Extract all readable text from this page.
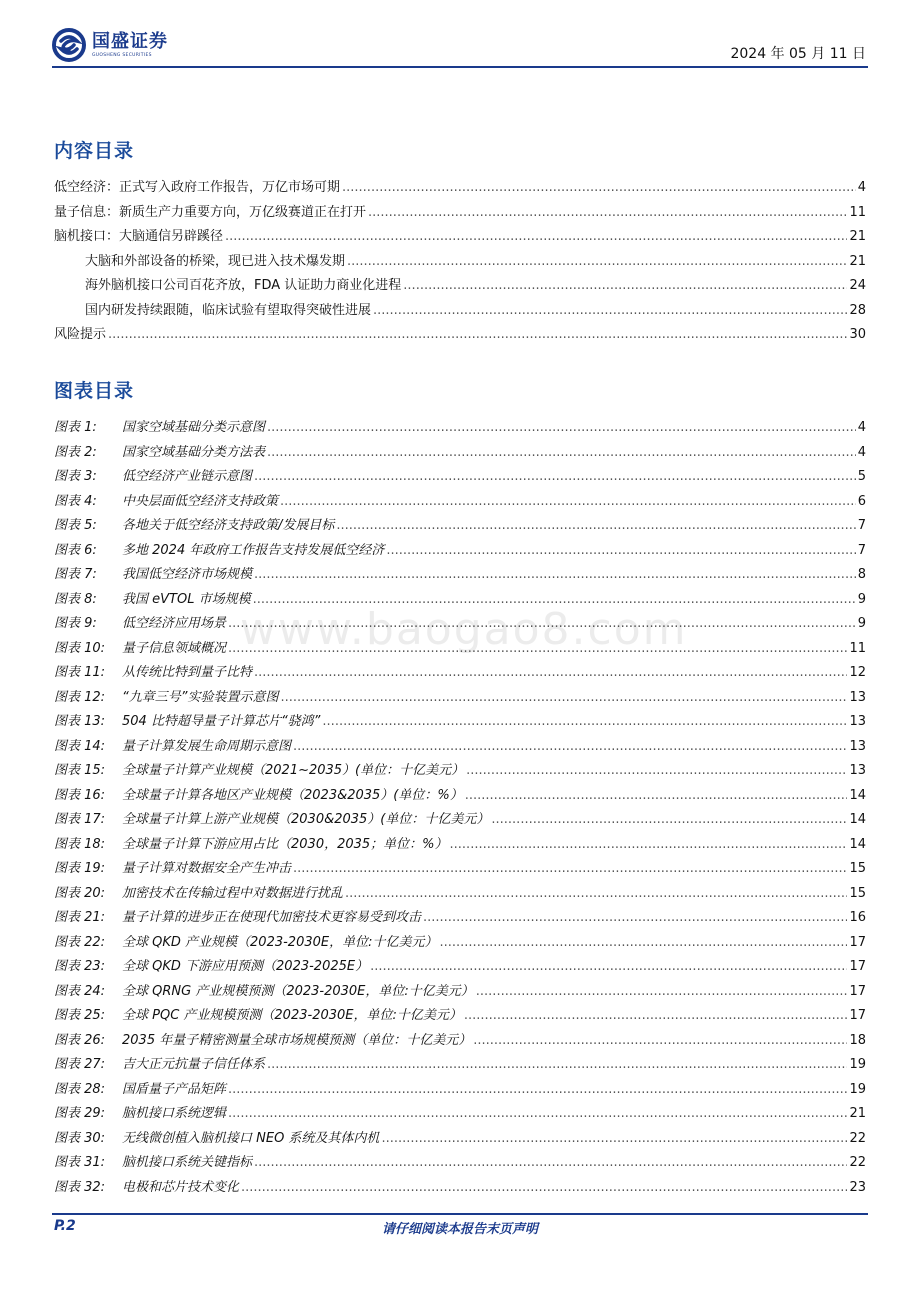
国盛证券
GUOSHENG SECURITIES	2024 年 05 月 11 日
内容目录
低空经济：正式写入政府工作报告，万亿市场可期 .....	4
量子信息：新质生产力重要方向，万亿级赛道正在打开 .....	11
脑机接口：大脑通信另辟蹊径 .....	21
大脑和外部设备的桥梁，现已进入技术爆发期 .....	21
海外脑机接口公司百花齐放，FDA 认证助力商业化进程 .....	24
国内研发持续跟随，临床试验有望取得突破性进展 .....	28
风险提示 .....	30
图表目录
www.baogao8.com
图表 1:	国家空域基础分类示意图 .....	4
图表 2:	国家空域基础分类方法表 .....	4
图表 3:	低空经济产业链示意图 .....	5
图表 4:	中央层面低空经济支持政策 .....	6
图表 5:	各地关于低空经济支持政策/发展目标 .....	7
图表 6:	多地 2024 年政府工作报告支持发展低空经济 .....	7
图表 7:	我国低空经济市场规模 .....	8
图表 8:	我国 eVTOL 市场规模 .....	9
图表 9:	低空经济应用场景 .....	9
图表 10:	量子信息领域概况 .....	11
图表 11:	从传统比特到量子比特 .....	12
图表 12:	“九章三号”实验装置示意图 .....	13
图表 13:	504 比特超导量子计算芯片“骁鸿” .....	13
图表 14:	量子计算发展生命周期示意图 .....	13
图表 15:	全球量子计算产业规模（2021~2035）(单位：十亿美元） .....	13
图表 16:	全球量子计算各地区产业规模（2023&2035）(单位：%） .....	14
图表 17:	全球量子计算上游产业规模（2030&2035）(单位：十亿美元） .....	14
图表 18:	全球量子计算下游应用占比（2030，2035；单位：%） .....	14
图表 19:	量子计算对数据安全产生冲击 .....	15
图表 20:	加密技术在传输过程中对数据进行扰乱 .....	15
图表 21:	量子计算的进步正在使现代加密技术更容易受到攻击 .....	16
图表 22:	全球 QKD 产业规模（2023-2030E，单位:十亿美元） .....	17
图表 23:	全球 QKD 下游应用预测（2023-2025E） .....	17
图表 24:	全球 QRNG 产业规模预测（2023-2030E，单位:十亿美元） .....	17
图表 25:	全球 PQC 产业规模预测（2023-2030E，单位:十亿美元） .....	17
图表 26:	2035 年量子精密测量全球市场规模预测（单位：十亿美元） .....	18
图表 27:	吉大正元抗量子信任体系 .....	19
图表 28:	国盾量子产品矩阵 .....	19
图表 29:	脑机接口系统逻辑 .....	21
图表 30:	无线微创植入脑机接口 NEO 系统及其体内机 .....	22
图表 31:	脑机接口系统关键指标 .....	22
图表 32:	电极和芯片技术变化 .....	23
请仔细阅读本报告末页声明
P.2
